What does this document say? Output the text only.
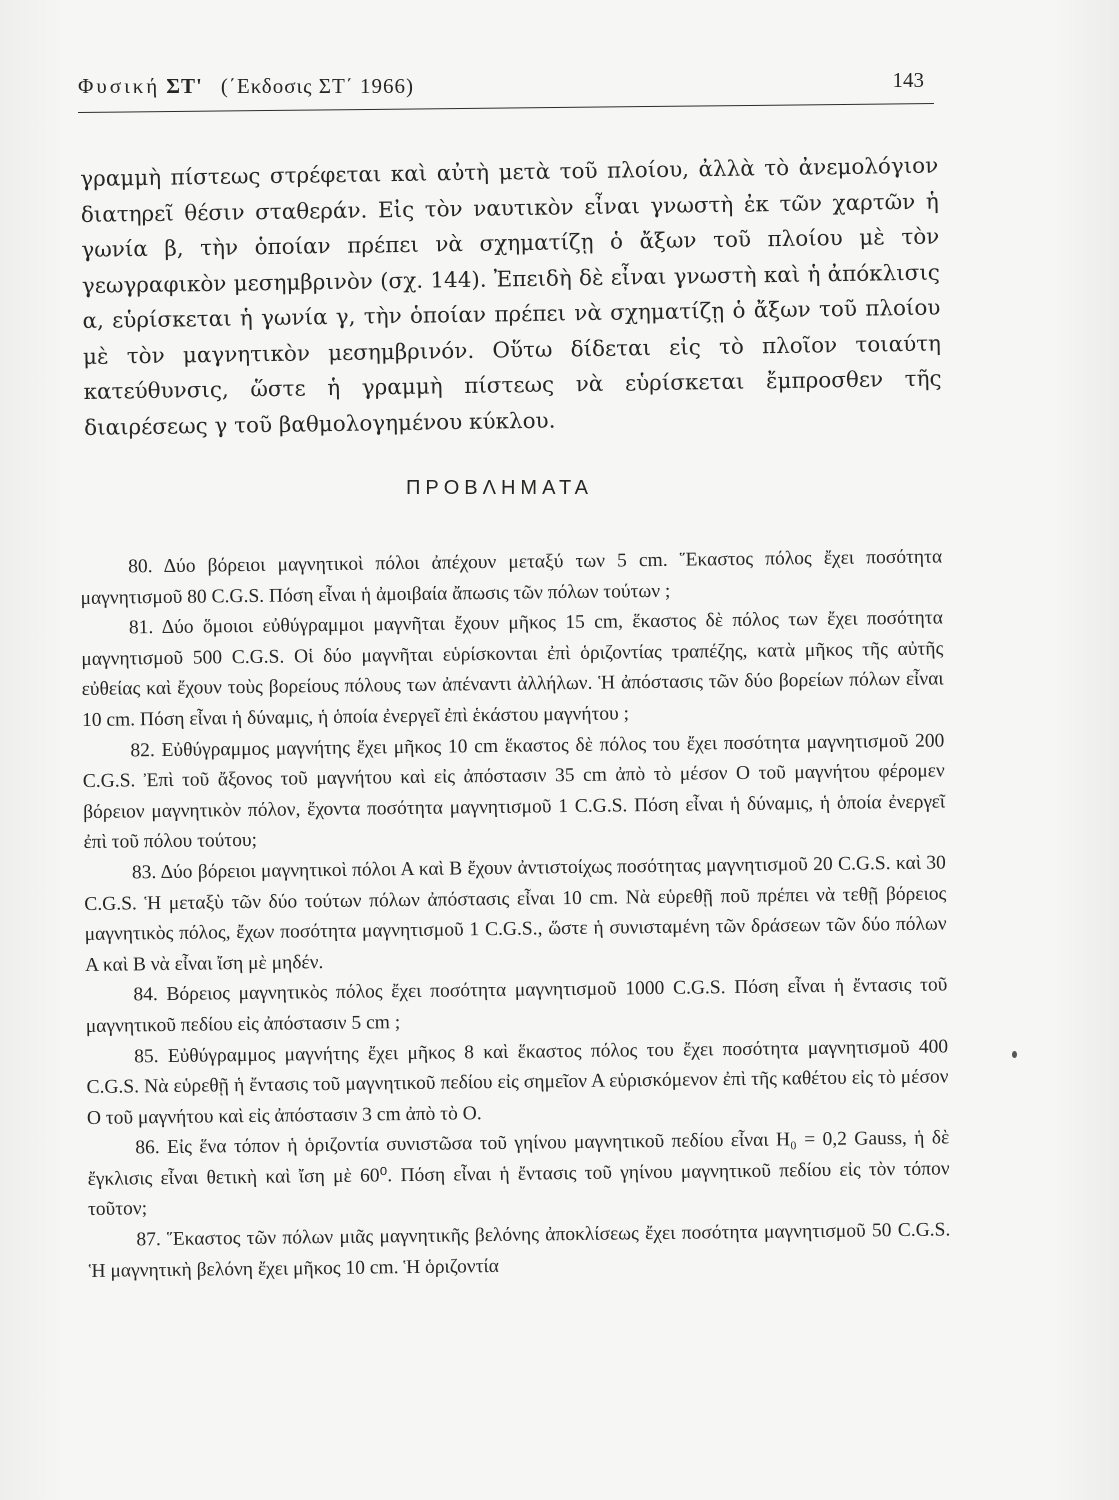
Φυσική ΣΤ' (΄Εκδοσις ΣΤ΄ 1966)	143

γραμμὴ πίστεως στρέφεται καὶ αὐτὴ μετὰ τοῦ πλοίου, ἀλλὰ τὸ ἀνεμολόγιον διατηρεῖ θέσιν σταθεράν. Εἰς τὸν ναυτικὸν εἶναι γνωστὴ ἐκ τῶν χαρτῶν ἡ γωνία β, τὴν ὁποίαν πρέπει νὰ σχηματίζῃ ὁ ἄξων τοῦ πλοίου μὲ τὸν γεωγραφικὸν μεσημβρινὸν (σχ. 144). Ἐπειδὴ δὲ εἶναι γνωστὴ καὶ ἡ ἀπόκλισις α, εὑρίσκεται ἡ γωνία γ, τὴν ὁποίαν πρέπει νὰ σχηματίζῃ ὁ ἄξων τοῦ πλοίου μὲ τὸν μαγνητικὸν μεσημβρινόν. Οὕτω δίδεται εἰς τὸ πλοῖον τοιαύτη κατεύθυνσις, ὥστε ἡ γραμμὴ πίστεως νὰ εὑρίσκεται ἔμπροσθεν τῆς διαιρέσεως γ τοῦ βαθμολογημένου κύκλου.

ΠΡΟΒΛΗΜΑΤΑ

80. Δύο βόρειοι μαγνητικοὶ πόλοι ἀπέχουν μεταξύ των 5 cm. Ἕκαστος πόλος ἔχει ποσότητα μαγνητισμοῦ 80 C.G.S. Πόση εἶναι ἡ ἀμοιβαία ἄπωσις τῶν πόλων τούτων ;

81. Δύο ὅμοιοι εὐθύγραμμοι μαγνῆται ἔχουν μῆκος 15 cm, ἕκαστος δὲ πόλος των ἔχει ποσότητα μαγνητισμοῦ 500 C.G.S. Οἱ δύο μαγνῆται εὑρίσκονται ἐπὶ ὁριζοντίας τραπέζης, κατὰ μῆκος τῆς αὐτῆς εὐθείας καὶ ἔχουν τοὺς βορείους πόλους των ἀπέναντι ἀλλήλων. Ἡ ἀπόστασις τῶν δύο βορείων πόλων εἶναι 10 cm. Πόση εἶναι ἡ δύναμις, ἡ ὁποία ἐνεργεῖ ἐπὶ ἑκάστου μαγνήτου ;

82. Εὐθύγραμμος μαγνήτης ἔχει μῆκος 10 cm ἕκαστος δὲ πόλος του ἔχει ποσότητα μαγνητισμοῦ 200 C.G.S. Ἐπὶ τοῦ ἄξονος τοῦ μαγνήτου καὶ εἰς ἀπόστασιν 35 cm ἀπὸ τὸ μέσον Ο τοῦ μαγνήτου φέρομεν βόρειον μαγνητικὸν πόλον, ἔχοντα ποσότητα μαγνητισμοῦ 1 C.G.S. Πόση εἶναι ἡ δύναμις, ἡ ὁποία ἐνεργεῖ ἐπὶ τοῦ πόλου τούτου;

83. Δύο βόρειοι μαγνητικοὶ πόλοι Α καὶ Β ἔχουν ἀντιστοίχως ποσότητας μαγνητισμοῦ 20 C.G.S. καὶ 30 C.G.S. Ἡ μεταξὺ τῶν δύο τούτων πόλων ἀπόστασις εἶναι 10 cm. Νὰ εὑρεθῇ ποῦ πρέπει νὰ τεθῇ βόρειος μαγνητικὸς πόλος, ἔχων ποσότητα μαγνητισμοῦ 1 C.G.S., ὥστε ἡ συνισταμένη τῶν δράσεων τῶν δύο πόλων Α καὶ Β νὰ εἶναι ἴση μὲ μηδέν.

84. Βόρειος μαγνητικὸς πόλος ἔχει ποσότητα μαγνητισμοῦ 1000 C.G.S. Πόση εἶναι ἡ ἔντασις τοῦ μαγνητικοῦ πεδίου εἰς ἀπόστασιν 5 cm ;

85. Εὐθύγραμμος μαγνήτης ἔχει μῆκος 8 καὶ ἕκαστος πόλος του ἔχει ποσότητα μαγνητισμοῦ 400 C.G.S. Νὰ εὑρεθῇ ἡ ἔντασις τοῦ μαγνητικοῦ πεδίου εἰς σημεῖον Α εὑρισκόμενον ἐπὶ τῆς καθέτου εἰς τὸ μέσον Ο τοῦ μαγνήτου καὶ εἰς ἀπόστασιν 3 cm ἀπὸ τὸ Ο.

86. Εἰς ἕνα τόπον ἡ ὁριζοντία συνιστῶσα τοῦ γηίνου μαγνητικοῦ πεδίου εἶναι H₀ = 0,2 Gauss, ἡ δὲ ἔγκλισις εἶναι θετικὴ καὶ ἴση μὲ 60⁰. Πόση εἶναι ἡ ἔντασις τοῦ γηίνου μαγνητικοῦ πεδίου εἰς τὸν τόπον τοῦτον;

87. Ἕκαστος τῶν πόλων μιᾶς μαγνητικῆς βελόνης ἀποκλίσεως ἔχει ποσότητα μαγνητισμοῦ 50 C.G.S. Ἡ μαγνητικὴ βελόνη ἔχει μῆκος 10 cm. Ἡ ὁριζοντία
